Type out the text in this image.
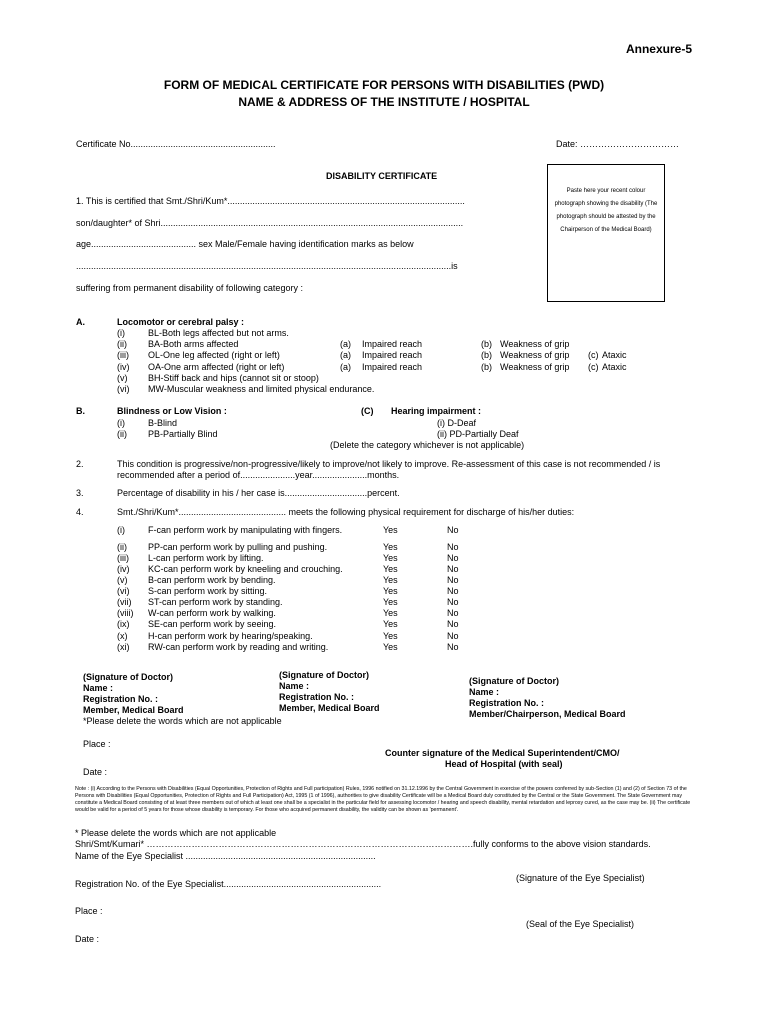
Annexure-5
FORM OF MEDICAL CERTIFICATE FOR PERSONS WITH DISABILITIES (PWD)
NAME & ADDRESS OF THE INSTITUTE / HOSPITAL
Certificate No..........................................................	Date: ……………………………
DISABILITY CERTIFICATE
Paste here your recent colour photograph showing the disability (The photograph should be attested by the Chairperson of the Medical Board)
1. This is certified that Smt./Shri/Kum*...............................................................................................
son/daughter* of Shri.........................................................................................................................
age.......................................... sex Male/Female having identification marks as below
......................................................................................................................................................is
suffering from permanent disability of following category :
A.	Locomotor or cerebral palsy :
(i)	BL-Both legs affected but not arms.
(ii) BA-Both arms affected	(a) Impaired reach	(b) Weakness of grip
(iii) OL-One leg affected (right or left)	(a) Impaired reach	(b) Weakness of grip (c) Ataxic
(iv) OA-One arm affected (right or left)	(a) Impaired reach	(b) Weakness of grip (c) Ataxic
(v) BH-Stiff back and hips (cannot sit or stoop)
(vi) MW-Muscular weakness and limited physical endurance.
B.	Blindness or Low Vision :
(i)	B-Blind
(ii) PB-Partially Blind
(C) Hearing impairment :
(i) D-Deaf
(ii) PD-Partially Deaf
(Delete the category whichever is not applicable)
2.	This condition is progressive/non-progressive/likely to improve/not likely to improve. Re-assessment of this case is not recommended / is
recommended after a period of......................year......................months.
3.	Percentage of disability in his / her case is.................................percent.
4.	Smt./Shri/Kum*........................................... meets the following physical requirement for discharge of his/her duties:
(i)	F-can perform work by manipulating with fingers.	Yes	No
(ii) PP-can perform work by pulling and pushing.	Yes	No
(iii) L-can perform work by lifting.	Yes	No
(iv) KC-can perform work by kneeling and crouching.	Yes	No
(v) B-can perform work by bending.	Yes	No
(vi) S-can perform work by sitting.	Yes	No
(vii) ST-can perform work by standing.	Yes	No
(viii) W-can perform work by walking.	Yes	No
(ix) SE-can perform work by seeing.	Yes	No
(x) H-can perform work by hearing/speaking.	Yes	No
(xi) RW-can perform work by reading and writing.	Yes	No
(Signature of Doctor)
Name :
Registration No. :
Member, Medical Board
*Please delete the words which are not applicable
(Signature of Doctor)
Name :
Registration No. :
Member, Medical Board
(Signature of Doctor)
Name :
Registration No. :
Member/Chairperson, Medical Board
Place :
Counter signature of the Medical Superintendent/CMO/
Head of Hospital (with seal)
Date :
Note : (i) According to the Persons with Disabilities (Equal Opportunities, Protection of Rights and Full participation) Rules, 1996 notified on 31.12.1996 by the Central Government in exercise of the powers conferred by sub-Section (1) and (2) of Section 73 of the Persons with Disabilities (Equal Opportunities, Protection of Rights and Full Participation) Act, 1995 (1 of 1996), authorities to give disability Certificate will be a Medical Board duly constituted by the Central or the State Government. The State Government may constitute a Medical Board consisting of at least three members out of which at least one shall be a specialist in the particular field for assessing locomotor / hearing and speech disability, mental retardation and leprosy cured, as the case may be. (ii) The certificate would be valid for a period of 5 years for those whose disability is temporary. For those who acquired permanent disability, the validity can be shown as 'permanent'.
* Please delete the words which are not applicable
Shri/Smt/Kumari* ……………………………………………………………………………………………….fully conforms to the above vision standards.
Name of the Eye Specialist ............................................................................
Registration No. of the Eye Specialist...............................................................
(Signature of the Eye Specialist)
Place :
(Seal of the Eye Specialist)
Date :
